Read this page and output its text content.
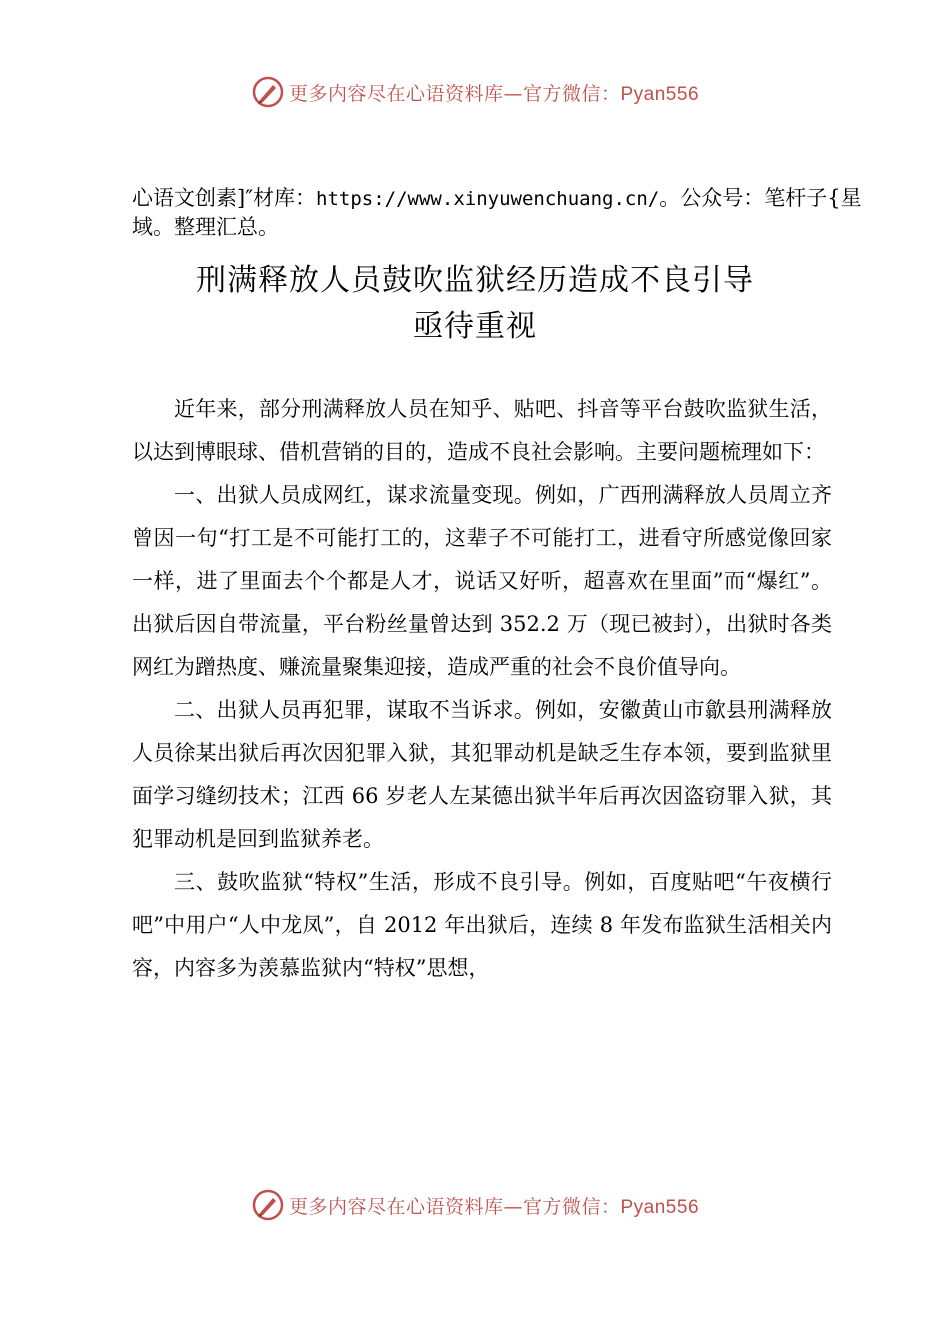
更多内容尽在心语资料库—官方微信：Pyan556
心语文创素]″材库：https://www.xinyuwenchuang.cn/。公众号：笔杆子{星域。整理汇总。
刑满释放人员鼓吹监狱经历造成不良引导
亟待重视

近年来，部分刑满释放人员在知乎、贴吧、抖音等平台鼓吹监狱生活，以达到博眼球、借机营销的目的，造成不良社会影响。主要问题梳理如下：

一、出狱人员成网红，谋求流量变现。例如，广西刑满释放人员周立齐曾因一句“打工是不可能打工的，这辈子不可能打工，进看守所感觉像回家一样，进了里面去个个都是人才，说话又好听，超喜欢在里面”而“爆红”。出狱后因自带流量，平台粉丝量曾达到 352.2 万（现已被封），出狱时各类网红为蹭热度、赚流量聚集迎接，造成严重的社会不良价值导向。

二、出狱人员再犯罪，谋取不当诉求。例如，安徽黄山市歙县刑满释放人员徐某出狱后再次因犯罪入狱，其犯罪动机是缺乏生存本领，要到监狱里面学习缝纫技术；江西 66 岁老人左某德出狱半年后再次因盗窃罪入狱，其犯罪动机是回到监狱养老。

三、鼓吹监狱“特权”生活，形成不良引导。例如，百度贴吧“午夜横行吧”中用户“人中龙凤”，自 2012 年出狱后，连续 8 年发布监狱生活相关内容，内容多为羡慕监狱内“特权”思想，

更多内容尽在心语资料库—官方微信：Pyan556
